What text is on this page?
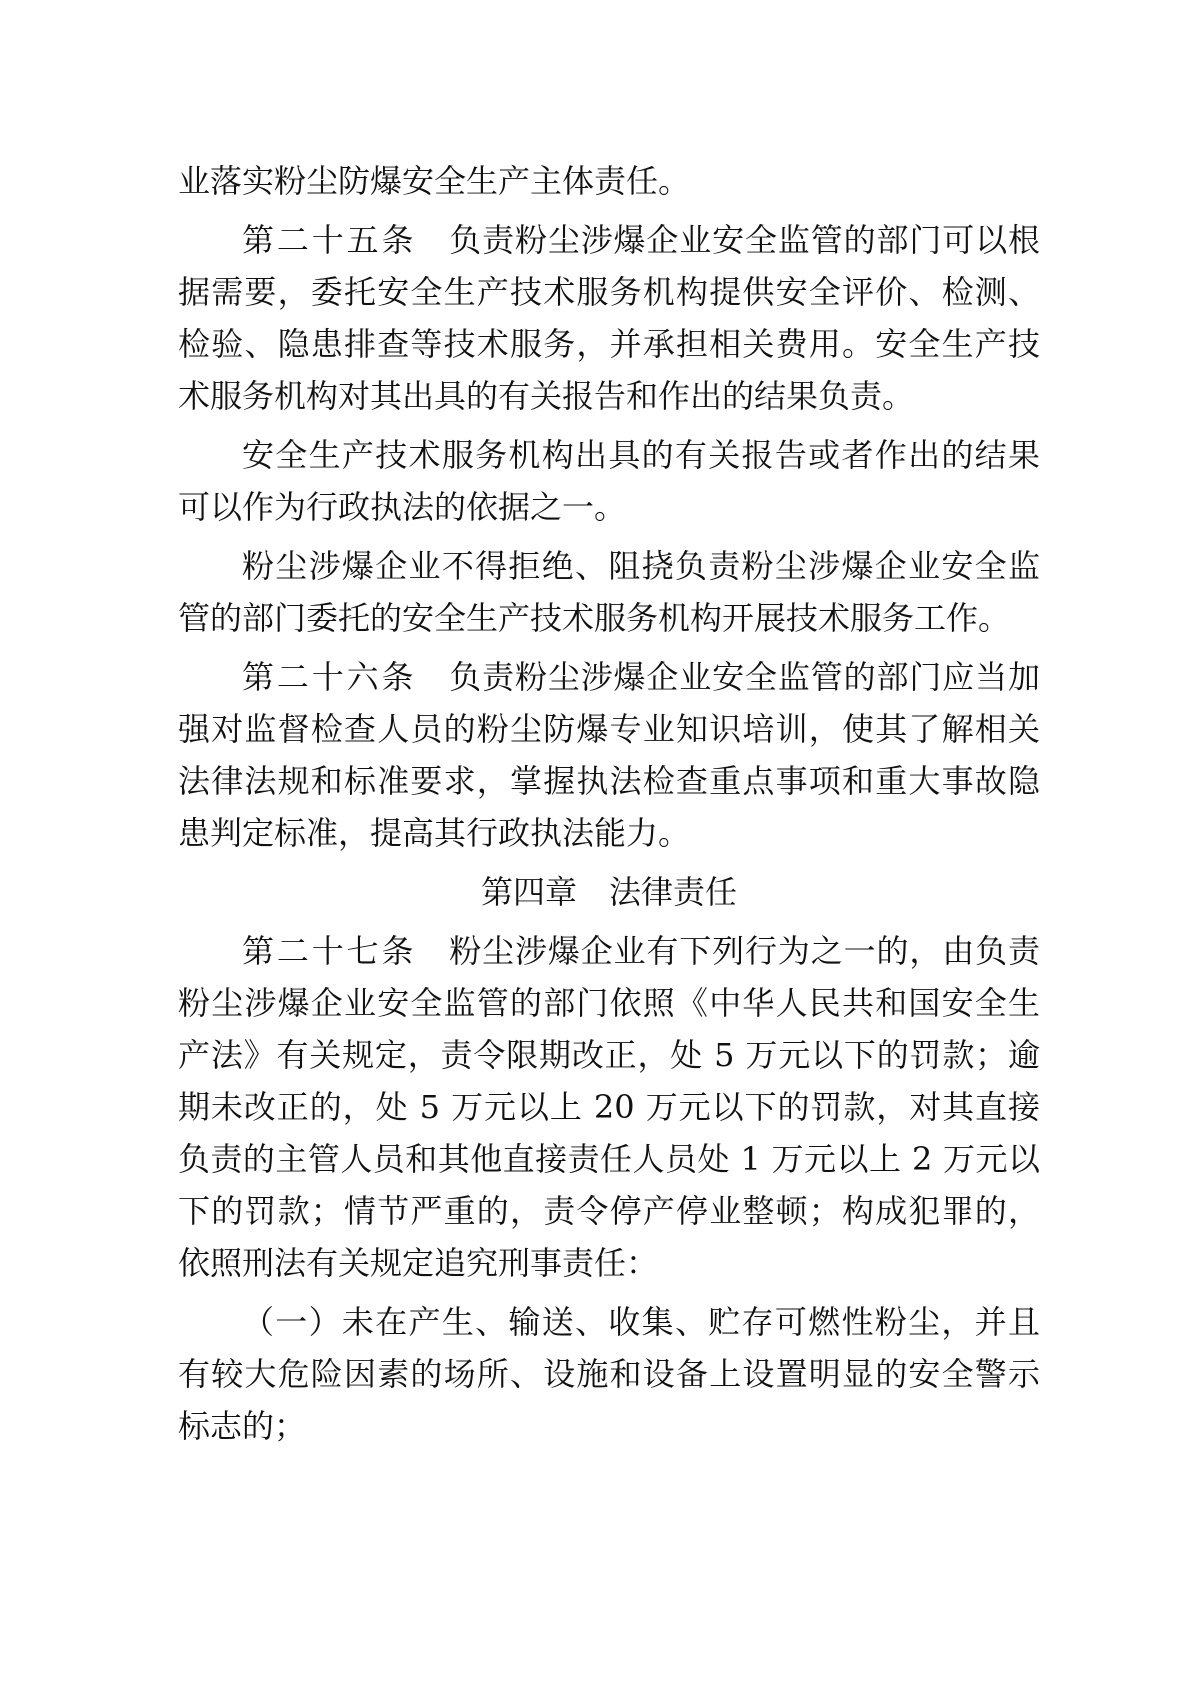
业落实粉尘防爆安全生产主体责任。

第二十五条　 负责粉尘涉爆企业安全监管的部门可以根据需要，委托安全生产技术服务机构提供安全评价、检测、检验、隐患排查等技术服务，并承担相关费用。安全生产技术服务机构对其出具的有关报告和作出的结果负责。

安全生产技术服务机构出具的有关报告或者作出的结果可以作为行政执法的依据之一。

粉尘涉爆企业不得拒绝、阻挠负责粉尘涉爆企业安全监管的部门委托的安全生产技术服务机构开展技术服务工作。

第二十六条　 负责粉尘涉爆企业安全监管的部门应当加强对监督检查人员的粉尘防爆专业知识培训，使其了解相关法律法规和标准要求，掌握执法检查重点事项和重大事故隐患判定标准，提高其行政执法能力。

第四章　法律责任

第二十七条　 粉尘涉爆企业有下列行为之一的，由负责粉尘涉爆企业安全监管的部门依照《中华人民共和国安全生产法》有关规定，责令限期改正，处 5 万元以下的罚款；逾期未改正的，处 5 万元以上 20 万元以下的罚款，对其直接负责的主管人员和其他直接责任人员处 1 万元以上 2 万元以下的罚款；情节严重的，责令停产停业整顿；构成犯罪的，依照刑法有关规定追究刑事责任：

（一）未在产生、输送、收集、贮存可燃性粉尘，并且有较大危险因素的场所、设施和设备上设置明显的安全警示标志的；
